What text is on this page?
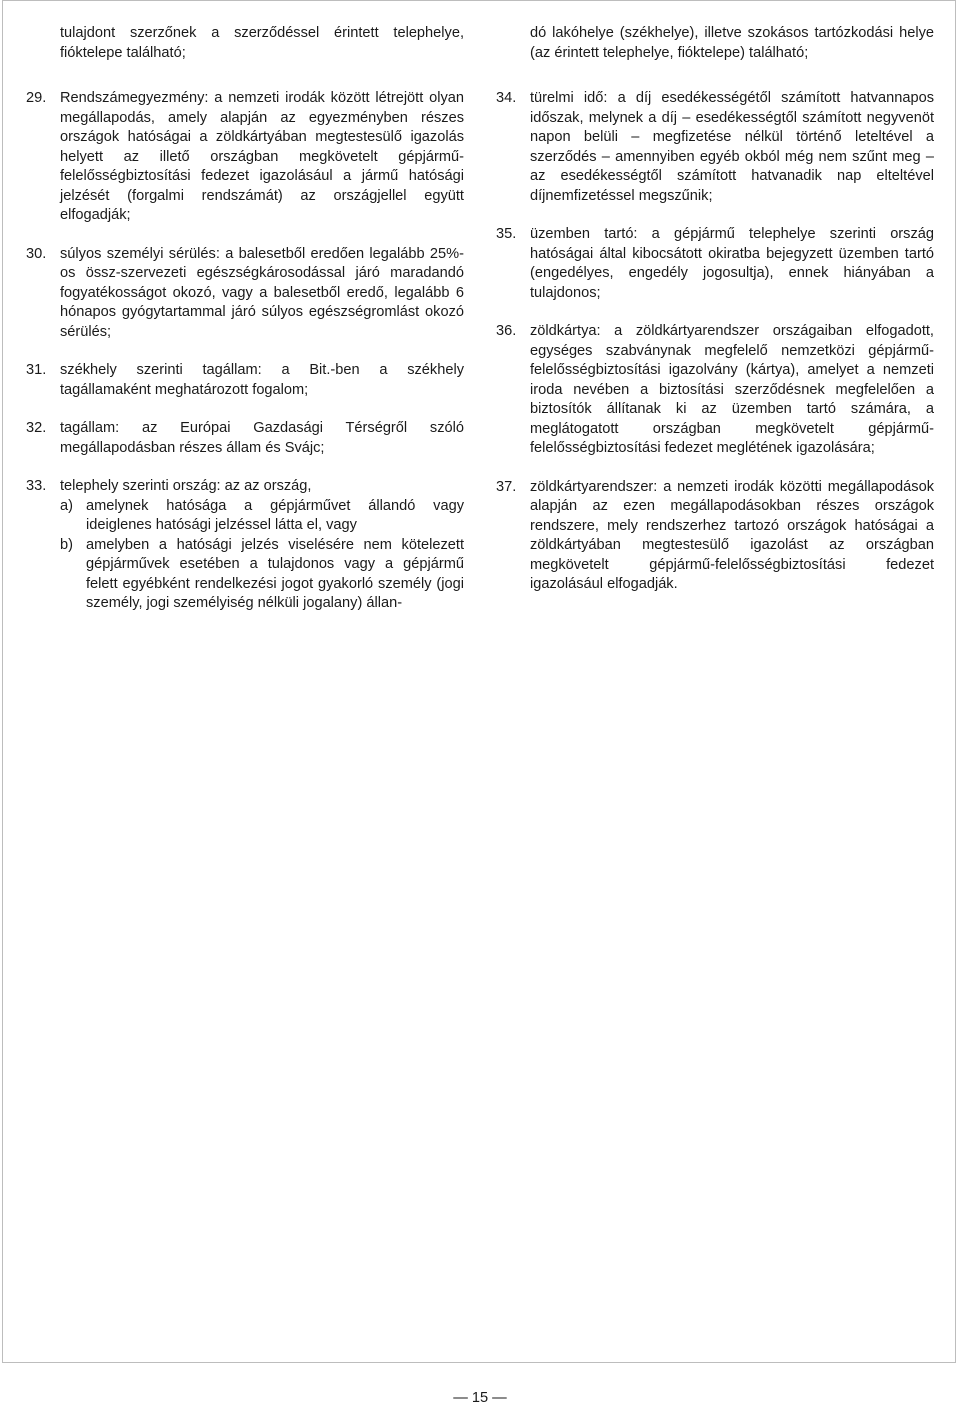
tulajdont szerzőnek a szerződéssel érintett telephelye, fióktelepe található;
29. Rendszámegyezmény: a nemzeti irodák között létrejött olyan megállapodás, amely alapján az egyezményben részes országok hatóságai a zöldkártyában megtestesülő igazolás helyett az illető országban megkövetelt gépjármű-felelősségbiztosítási fedezet igazolásául a jármű hatósági jelzését (forgalmi rendszámát) az országjellel együtt elfogadják;
30. súlyos személyi sérülés: a balesetből eredően legalább 25%-os össz-szervezeti egészségkárosodással járó maradandó fogyatékosságot okozó, vagy a balesetből eredő, legalább 6 hónapos gyógytartammal járó súlyos egészségromlást okozó sérülés;
31. székhely szerinti tagállam: a Bit.-ben a székhely tagállamaként meghatározott fogalom;
32. tagállam: az Európai Gazdasági Térségről szóló megállapodásban részes állam és Svájc;
33. telephely szerinti ország: az az ország,
a) amelynek hatósága a gépjárművet állandó vagy ideiglenes hatósági jelzéssel látta el, vagy
b) amelyben a hatósági jelzés viselésére nem kötelezett gépjárművek esetében a tulajdonos vagy a gépjármű felett egyébként rendelkezési jogot gyakorló személy (jogi személy, jogi személyiség nélküli jogalany) állan-
dó lakóhelye (székhelye), illetve szokásos tartózkodási helye (az érintett telephelye, fióktelepe) található;
34. türelmi idő: a díj esedékességétől számított hatvannapos időszak, melynek a díj – esedékességtől számított negyvenöt napon belüli – megfizetése nélkül történő leteltével a szerződés – amennyiben egyéb okból még nem szűnt meg – az esedékességtől számított hatvanadik nap elteltével díjnemfizetéssel megszűnik;
35. üzemben tartó: a gépjármű telephelye szerinti ország hatóságai által kibocsátott okiratba bejegyzett üzemben tartó (engedélyes, engedély jogosultja), ennek hiányában a tulajdonos;
36. zöldkártya: a zöldkártyarendszer országaiban elfogadott, egységes szabványnak megfelelő nemzetközi gépjármű-felelősségbiztosítási igazolvány (kártya), amelyet a nemzeti iroda nevében a biztosítási szerződésnek megfelelően a biztosítók állítanak ki az üzemben tartó számára, a meglátogatott országban megkövetelt gépjármű-felelősségbiztosítási fedezet meglétének igazolására;
37. zöldkártyarendszer: a nemzeti irodák közötti megállapodások alapján az ezen megállapodásokban részes országok rendszere, mely rendszerhez tartozó országok hatóságai a zöldkártyában megtestesülő igazolást az országban megkövetelt gépjármű-felelősségbiztosítási fedezet igazolásául elfogadják.
— 15 —
